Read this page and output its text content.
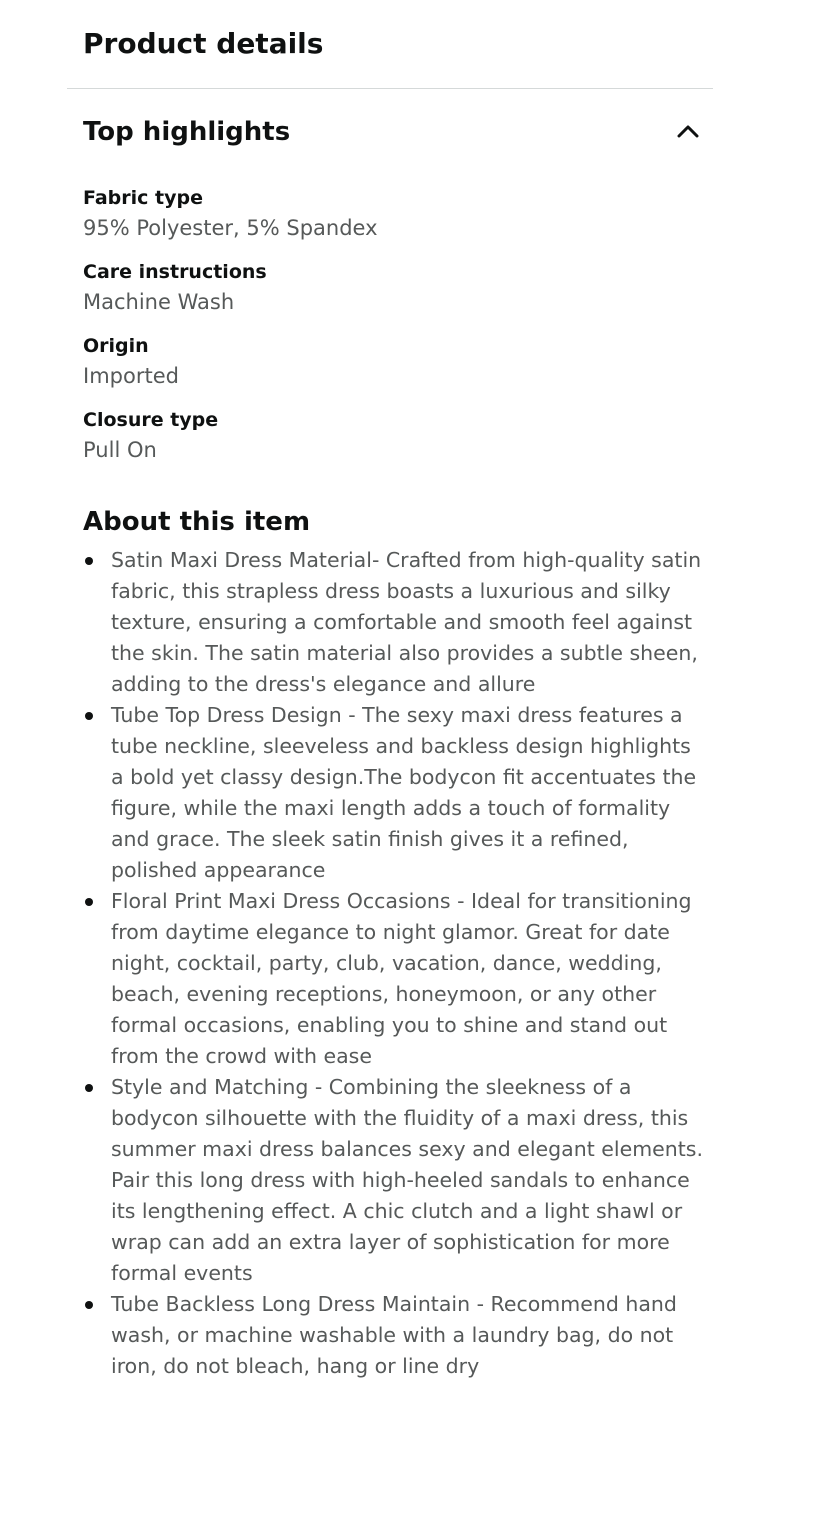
Product details
Top highlights
Fabric type
95% Polyester, 5% Spandex
Care instructions
Machine Wash
Origin
Imported
Closure type
Pull On
About this item
Satin Maxi Dress Material- Crafted from high-quality satin fabric, this strapless dress boasts a luxurious and silky texture, ensuring a comfortable and smooth feel against the skin. The satin material also provides a subtle sheen, adding to the dress's elegance and allure
Tube Top Dress Design - The sexy maxi dress features a tube neckline, sleeveless and backless design highlights a bold yet classy design.The bodycon fit accentuates the figure, while the maxi length adds a touch of formality and grace. The sleek satin finish gives it a refined, polished appearance
Floral Print Maxi Dress Occasions - Ideal for transitioning from daytime elegance to night glamor. Great for date night, cocktail, party, club, vacation, dance, wedding, beach, evening receptions, honeymoon, or any other formal occasions, enabling you to shine and stand out from the crowd with ease
Style and Matching - Combining the sleekness of a bodycon silhouette with the fluidity of a maxi dress, this summer maxi dress balances sexy and elegant elements. Pair this long dress with high-heeled sandals to enhance its lengthening effect. A chic clutch and a light shawl or wrap can add an extra layer of sophistication for more formal events
Tube Backless Long Dress Maintain - Recommend hand wash, or machine washable with a laundry bag, do not iron, do not bleach, hang or line dry
